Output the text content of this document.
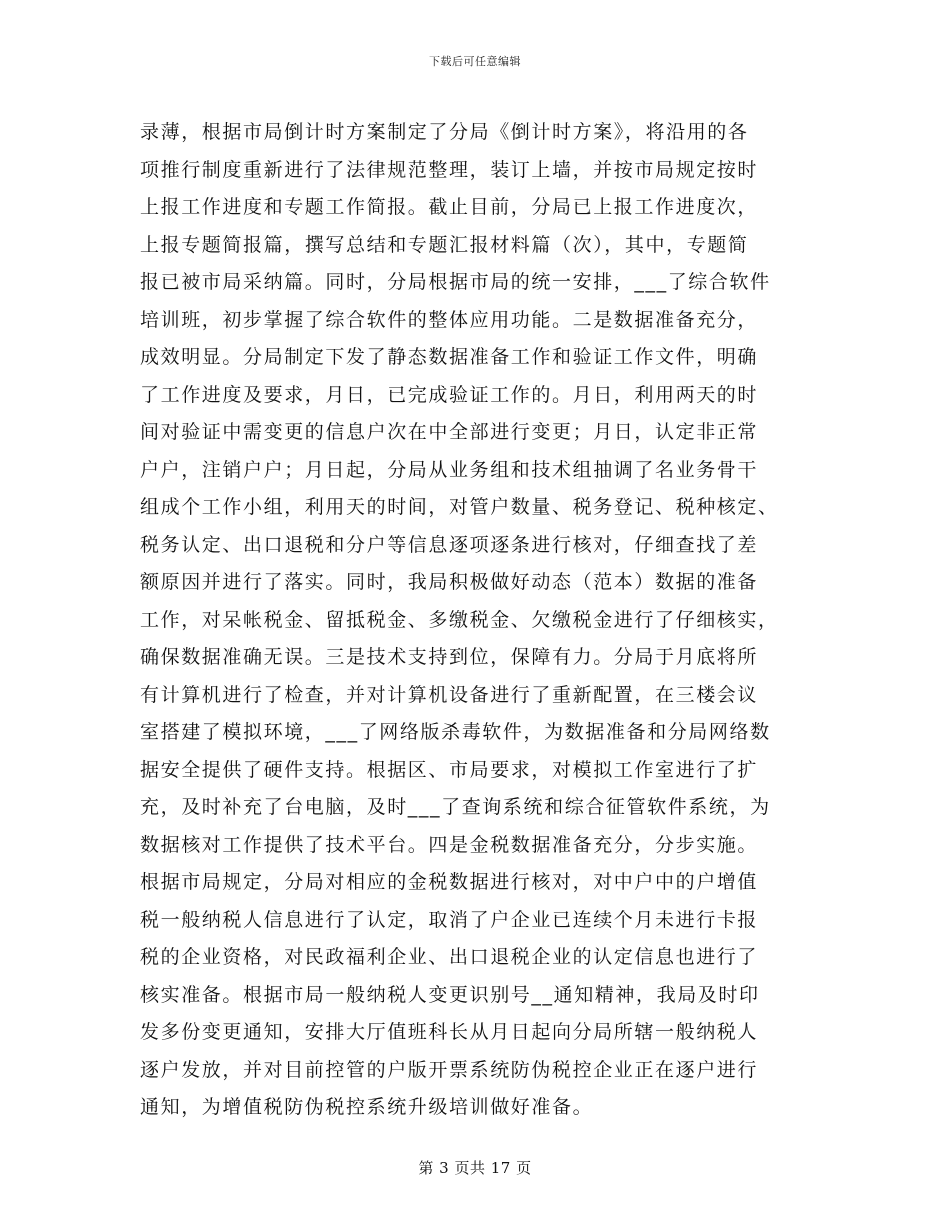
下载后可任意编辑
录薄，根据市局倒计时方案制定了分局《倒计时方案》，将沿用的各
项推行制度重新进行了法律规范整理，装订上墙，并按市局规定按时
上报工作进度和专题工作简报。截止目前，分局已上报工作进度次，
上报专题简报篇，撰写总结和专题汇报材料篇（次），其中，专题简
报已被市局采纳篇。同时，分局根据市局的统一安排，___了综合软件
培训班，初步掌握了综合软件的整体应用功能。二是数据准备充分，
成效明显。分局制定下发了静态数据准备工作和验证工作文件，明确
了工作进度及要求，月日，已完成验证工作的。月日，利用两天的时
间对验证中需变更的信息户次在中全部进行变更；月日，认定非正常
户户，注销户户；月日起，分局从业务组和技术组抽调了名业务骨干
组成个工作小组，利用天的时间，对管户数量、税务登记、税种核定、
税务认定、出口退税和分户等信息逐项逐条进行核对，仔细查找了差
额原因并进行了落实。同时，我局积极做好动态（范本）数据的准备
工作，对呆帐税金、留抵税金、多缴税金、欠缴税金进行了仔细核实，
确保数据准确无误。三是技术支持到位，保障有力。分局于月底将所
有计算机进行了检查，并对计算机设备进行了重新配置，在三楼会议
室搭建了模拟环境，___了网络版杀毒软件，为数据准备和分局网络数
据安全提供了硬件支持。根据区、市局要求，对模拟工作室进行了扩
充，及时补充了台电脑，及时___了查询系统和综合征管软件系统，为
数据核对工作提供了技术平台。四是金税数据准备充分，分步实施。
根据市局规定，分局对相应的金税数据进行核对，对中户中的户增值
税一般纳税人信息进行了认定，取消了户企业已连续个月未进行卡报
税的企业资格，对民政福利企业、出口退税企业的认定信息也进行了
核实准备。根据市局一般纳税人变更识别号__通知精神，我局及时印
发多份变更通知，安排大厅值班科长从月日起向分局所辖一般纳税人
逐户发放，并对目前控管的户版开票系统防伪税控企业正在逐户进行
通知，为增值税防伪税控系统升级培训做好准备。
第 3 页共 17 页
